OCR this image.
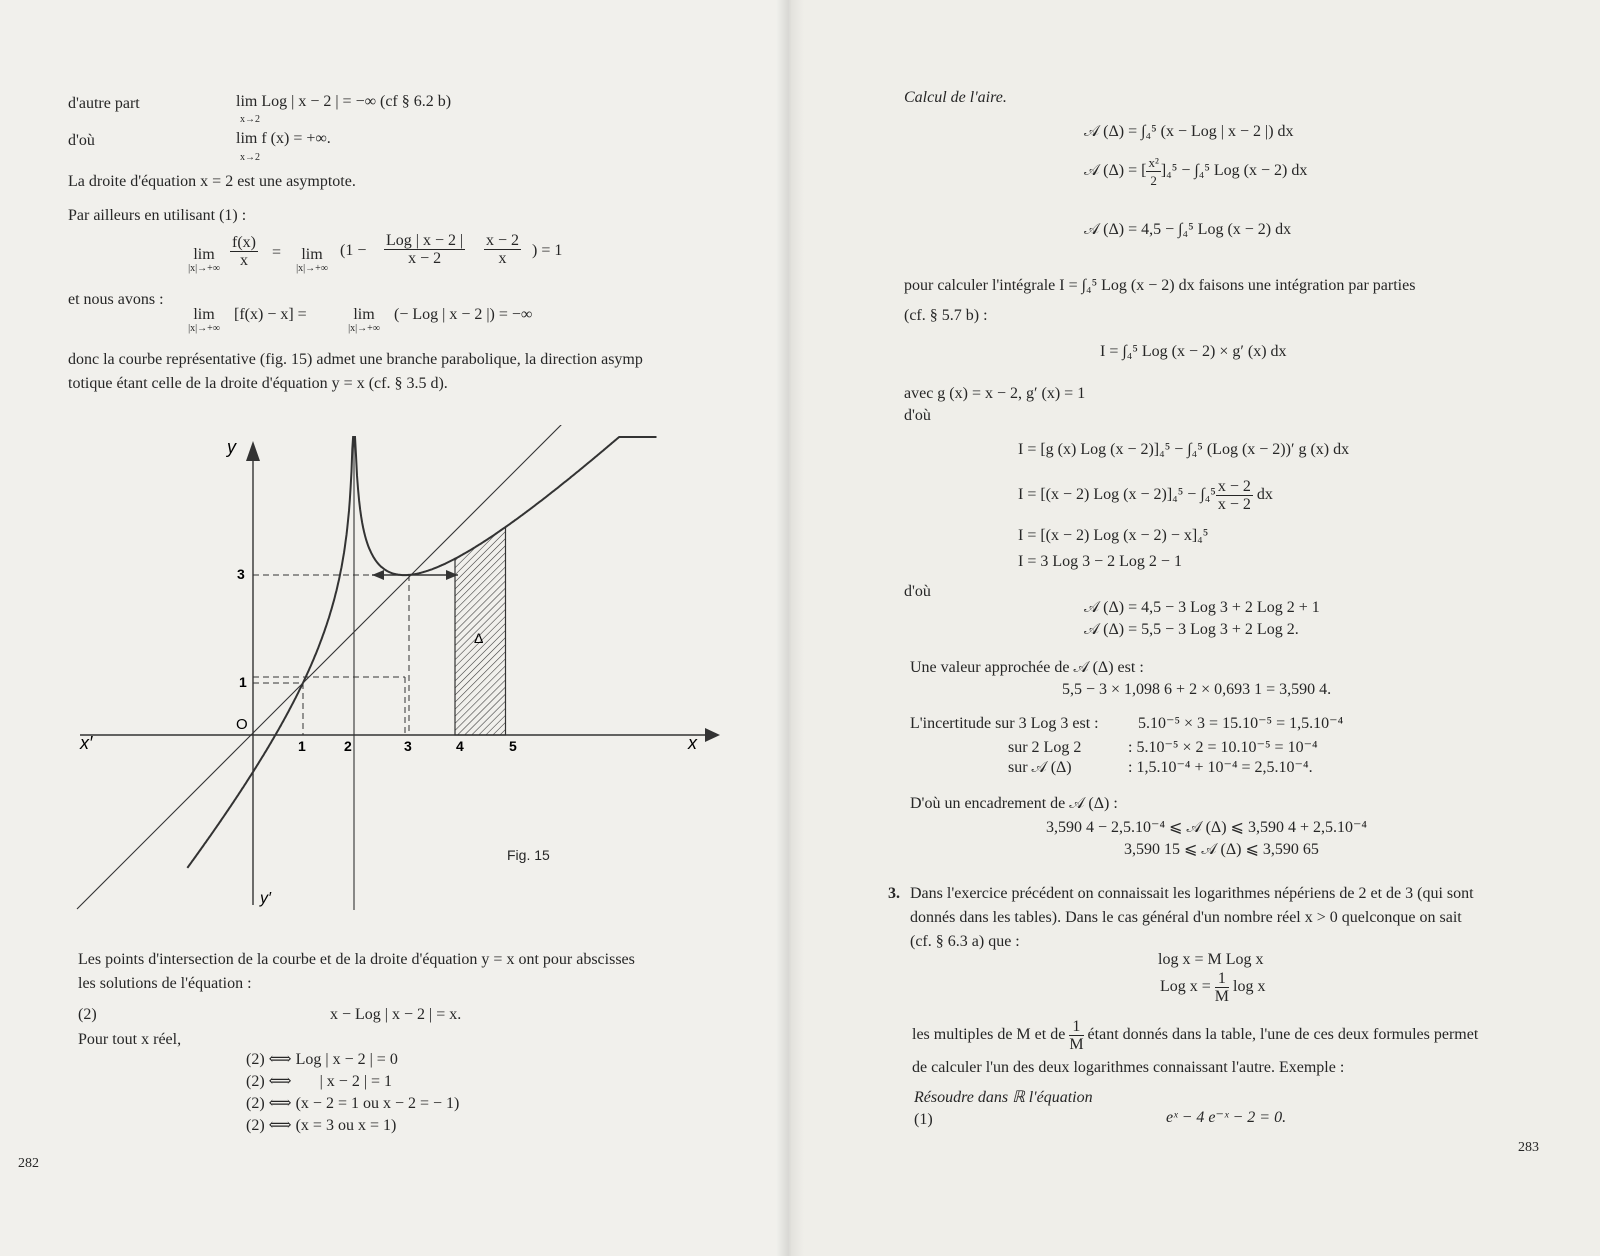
d'autre part	lim Log | x − 2 | = −∞ (cf § 6.2 b)
x→2
d'où	lim f (x) = +∞.
x→2
La droite d'équation x = 2 est une asymptote.
Par ailleurs en utilisant (1) :
lim
$|x|\to+\infty \frac{f(x)}{x}$ =	lim
|x|→+∞
(1 −
Log | x − 2 |
x − 2	$\frac{x - 2}{x}$ ) = 1
et nous avons :
lim
|x|→+∞
[f(x) − x] =	lim
|x|→+∞
(− Log | x − 2 |) = −∞
donc la courbe représentative (fig. 15) admet une branche parabolique, la direction asymp
totique étant celle de la droite d'équation y = x (cf. § 3.5 d).
y
x
x′
y′
O
Δ
1	2	3	4	5
1
3
Fig. 15
Les points d'intersection de la courbe et de la droite d'équation y = x ont pour abscisses
les solutions de l'équation :
(2)	x − Log | x − 2 | = x.
Pour tout x réel,
(2) ⟺ Log | x − 2 | = 0
(2) ⟺       | x − 2 | = 1
(2) ⟺ (x − 2 = 1 ou x − 2 = − 1)
(2) ⟺ (x = 3 ou x = 1)
282
Calcul de l'aire.
𝒜 (Δ) = ∫₄⁵ (x − Log | x − 2 |) dx
𝒜 (Δ) = [ $\frac{\text{x²}}{2} ]_4^5 - \int_4^5$ Log (x − 2) dx
𝒜 (Δ) = 4,5 − ∫₄⁵ Log (x − 2) dx
pour calculer l'intégrale I = ∫₄⁵ Log (x − 2) dx faisons une intégration par parties
(cf. § 5.7 b) :
I = ∫₄⁵ Log (x − 2) × g′ (x) dx
avec g (x) = x − 2, g′ (x) = 1
d'où
I = [g (x) Log (x − 2)]₄⁵ − ∫₄⁵ (Log (x − 2))′ g (x) dx
I = [(x − 2) Log $(x - 2)]_4^5 - \int_4^5 \frac{x - 2}{x - 2}$ dx
I = [(x − 2) Log (x − 2) − x]₄⁵
I = 3 Log 3 − 2 Log 2 − 1
d'où
𝒜 (Δ) = 4,5 − 3 Log 3 + 2 Log 2 + 1
𝒜 (Δ) = 5,5 − 3 Log 3 + 2 Log 2.
Une valeur approchée de 𝒜 (Δ) est :
5,5 − 3 × 1,098 6 + 2 × 0,693 1 = 3,590 4.
L'incertitude sur 3 Log 3 est : 5.10⁻⁵ × 3 = 15.10⁻⁵ = 1,5.10⁻⁴
sur 2 Log 2	: 5.10⁻⁵ × 2 = 10.10⁻⁵ = 10⁻⁴
sur 𝒜 (Δ)	: 1,5.10⁻⁴ + 10⁻⁴ = 2,5.10⁻⁴.
D'où un encadrement de 𝒜 (Δ) :
3,590 4 − 2,5.10⁻⁴ ⩽ 𝒜 (Δ) ⩽ 3,590 4 + 2,5.10⁻⁴
3,590 15 ⩽ 𝒜 (Δ) ⩽ 3,590 65
3. Dans l'exercice précédent on connaissait les logarithmes népériens de 2 et de 3 (qui sont
donnés dans les tables). Dans le cas général d'un nombre réel x > 0 quelconque on sait
(cf. § 6.3 a) que :
log x = M Log x
Log $x = \frac{1}{M}$ log x
les multiples de M et de $\frac{1}{M}$ étant donnés dans la table, l'une de ces deux formules permet
de calculer l'un des deux logarithmes connaissant l'autre. Exemple :
Résoudre dans ℝ l'équation
(1)	eˣ − 4 e⁻ˣ − 2 = 0.
283
